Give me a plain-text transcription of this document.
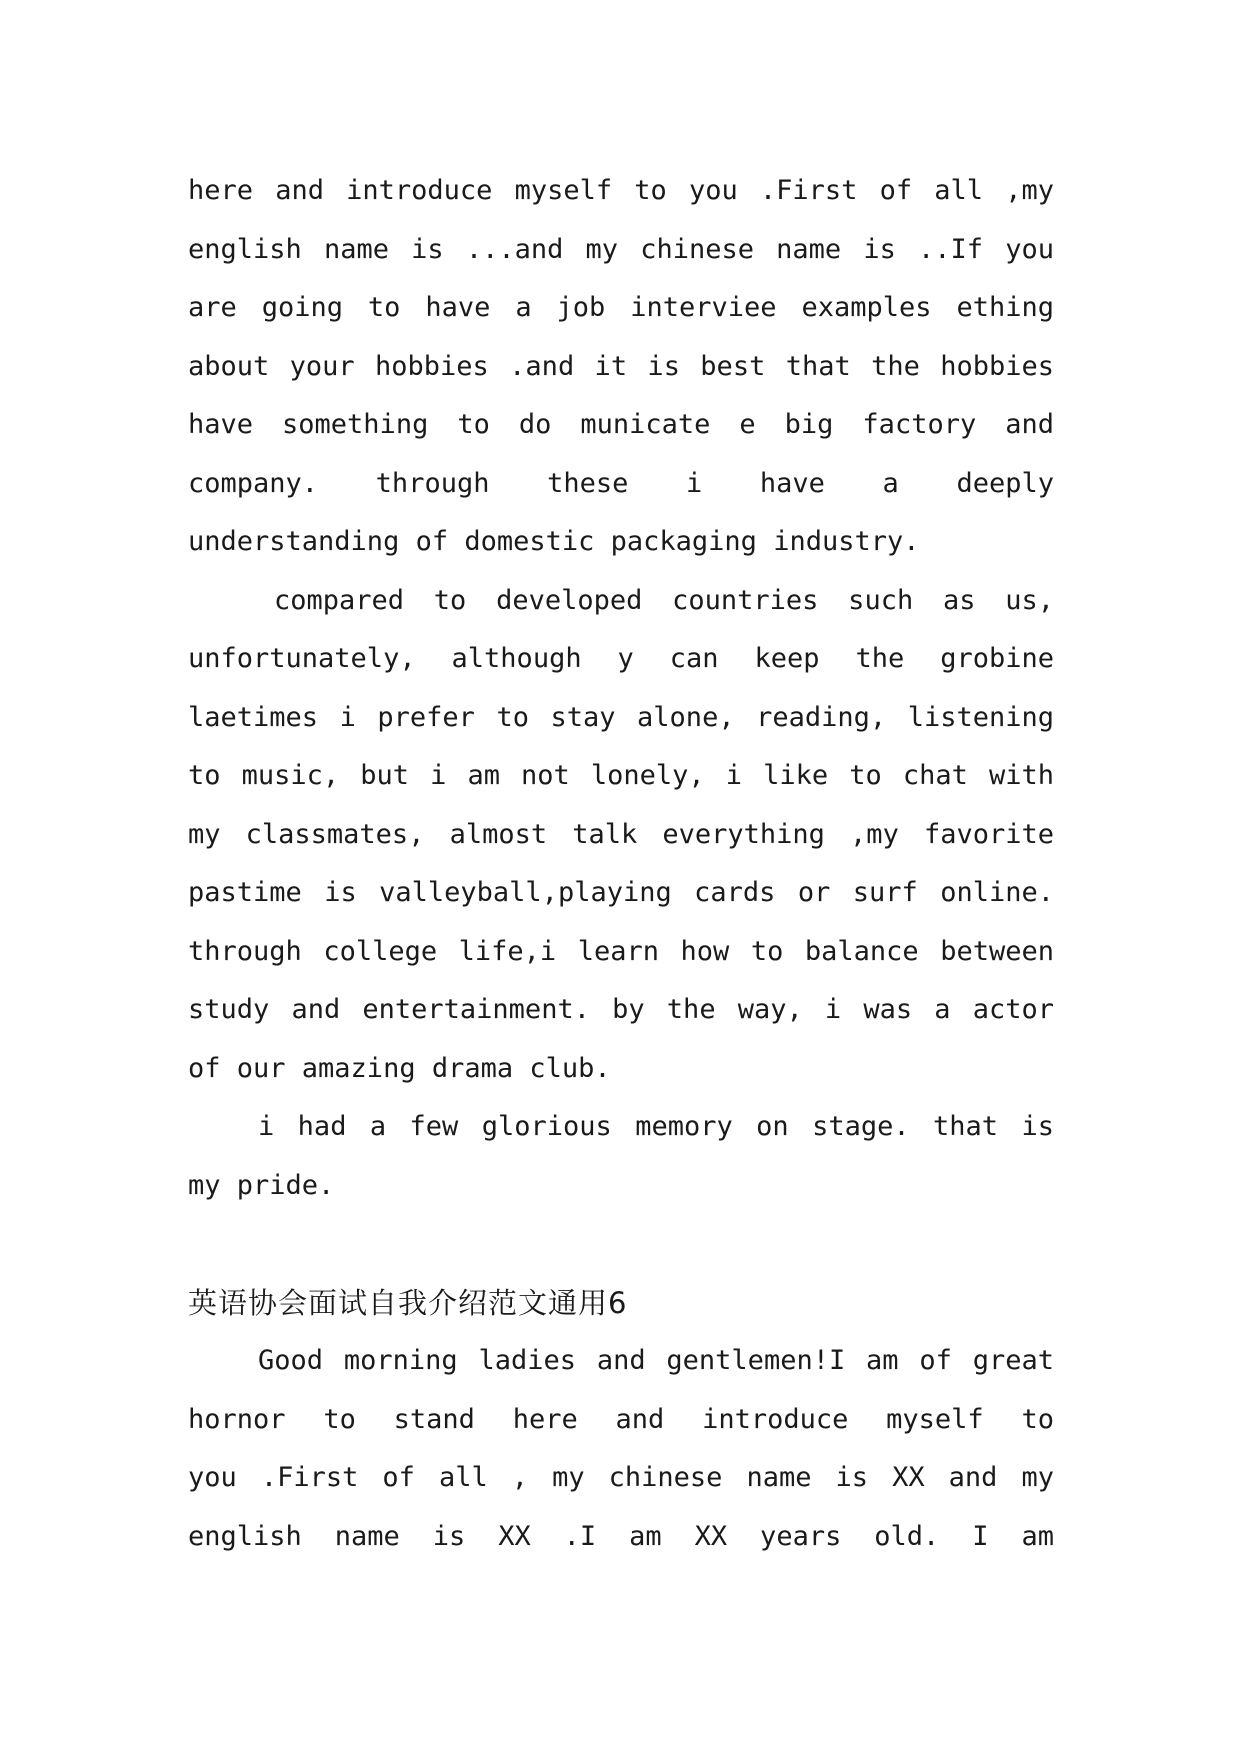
here and introduce myself to you .First of all ,my
english name is ...and my chinese name is ..If you
are going to have a job interviee examples ething
about your hobbies .and it is best that the hobbies
have something to do municate e big factory and
company. through these i have a deeply
understanding of domestic packaging industry.
compared to developed countries such as us,
unfortunately, although y can keep the grobine
laetimes i prefer to stay alone, reading, listening
to music, but i am not lonely, i like to chat with
my classmates, almost talk everything ,my favorite
pastime is valleyball,playing cards or surf online.
through college life,i learn how to balance between
study and entertainment. by the way, i was a actor
of our amazing drama club.
i had a few glorious memory on stage. that is
my pride.
英语协会面试自我介绍范文通用6
Good morning ladies and gentlemen!I am of great
hornor to stand here and introduce myself to
you .First of all , my chinese name is XX and my
english name is XX .I am XX years old. I am
